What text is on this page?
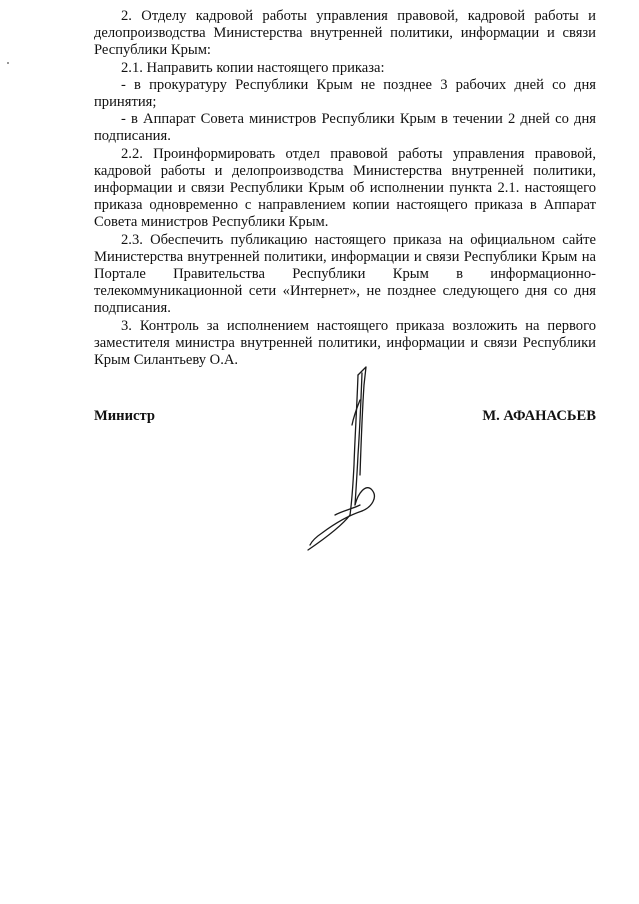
2. Отделу кадровой работы управления правовой, кадровой работы и делопроизводства Министерства внутренней политики, информации и связи Республики Крым:

2.1. Направить копии настоящего приказа:

- в прокуратуру Республики Крым не позднее 3 рабочих дней со дня принятия;

- в Аппарат Совета министров Республики Крым в течении 2 дней со дня подписания.

2.2. Проинформировать отдел правовой работы управления правовой, кадровой работы и делопроизводства Министерства внутренней политики, информации и связи Республики Крым об исполнении пункта 2.1. настоящего приказа одновременно с направлением копии настоящего приказа в Аппарат Совета министров Республики Крым.

2.3. Обеспечить публикацию настоящего приказа на официальном сайте Министерства внутренней политики, информации и связи Республики Крым на Портале Правительства Республики Крым в информационно-телекоммуникационной сети «Интернет», не позднее следующего дня со дня подписания.

3. Контроль за исполнением настоящего приказа возложить на первого заместителя министра внутренней политики, информации и связи Республики Крым Силантьеву О.А.

Министр	М. АФАНАСЬЕВ
